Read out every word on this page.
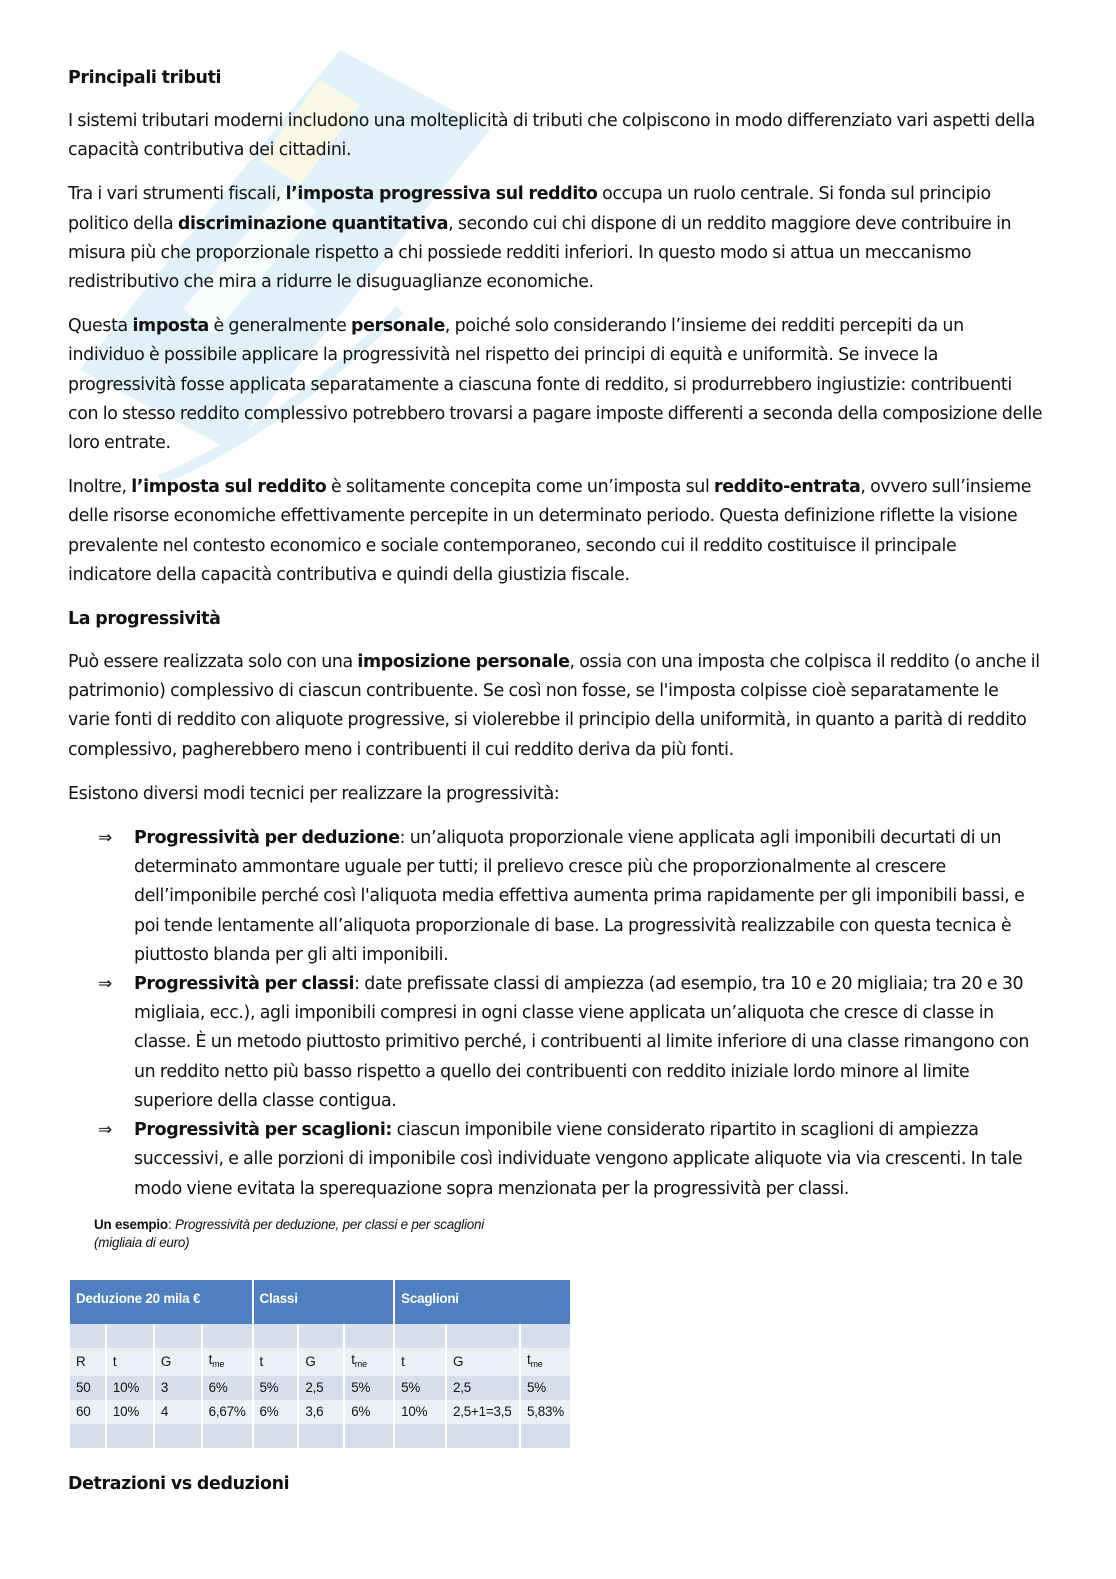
Principali tributi

I sistemi tributari moderni includono una molteplicità di tributi che colpiscono in modo differenziato vari aspetti della capacità contributiva dei cittadini.

Tra i vari strumenti fiscali, l’imposta progressiva sul reddito occupa un ruolo centrale. Si fonda sul principio politico della discriminazione quantitativa, secondo cui chi dispone di un reddito maggiore deve contribuire in misura più che proporzionale rispetto a chi possiede redditi inferiori. In questo modo si attua un meccanismo redistributivo che mira a ridurre le disuguaglianze economiche.

Questa imposta è generalmente personale, poiché solo considerando l’insieme dei redditi percepiti da un individuo è possibile applicare la progressività nel rispetto dei principi di equità e uniformità. Se invece la progressività fosse applicata separatamente a ciascuna fonte di reddito, si produrrebbero ingiustizie: contribuenti con lo stesso reddito complessivo potrebbero trovarsi a pagare imposte differenti a seconda della composizione delle loro entrate.

Inoltre, l’imposta sul reddito è solitamente concepita come un’imposta sul reddito-entrata, ovvero sull’insieme delle risorse economiche effettivamente percepite in un determinato periodo. Questa definizione riflette la visione prevalente nel contesto economico e sociale contemporaneo, secondo cui il reddito costituisce il principale indicatore della capacità contributiva e quindi della giustizia fiscale.

La progressività

Può essere realizzata solo con una imposizione personale, ossia con una imposta che colpisca il reddito (o anche il patrimonio) complessivo di ciascun contribuente. Se così non fosse, se l'imposta colpisse cioè separatamente le varie fonti di reddito con aliquote progressive, si violerebbe il principio della uniformità, in quanto a parità di reddito complessivo, pagherebbero meno i contribuenti il cui reddito deriva da più fonti.

Esistono diversi modi tecnici per realizzare la progressività:

⇒ Progressività per deduzione: un’aliquota proporzionale viene applicata agli imponibili decurtati di un determinato ammontare uguale per tutti; il prelievo cresce più che proporzionalmente al crescere dell’imponibile perché così l'aliquota media effettiva aumenta prima rapidamente per gli imponibili bassi, e poi tende lentamente all’aliquota proporzionale di base. La progressività realizzabile con questa tecnica è piuttosto blanda per gli alti imponibili.
⇒ Progressività per classi: date prefissate classi di ampiezza (ad esempio, tra 10 e 20 migliaia; tra 20 e 30 migliaia, ecc.), agli imponibili compresi in ogni classe viene applicata un’aliquota che cresce di classe in classe. È un metodo piuttosto primitivo perché, i contribuenti al limite inferiore di una classe rimangono con un reddito netto più basso rispetto a quello dei contribuenti con reddito iniziale lordo minore al limite superiore della classe contigua.
⇒ Progressività per scaglioni: ciascun imponibile viene considerato ripartito in scaglioni di ampiezza successivi, e alle porzioni di imponibile così individuate vengono applicate aliquote via via crescenti. In tale modo viene evitata la sperequazione sopra menzionata per la progressività per classi.
Un esempio: Progressività per deduzione, per classi e per scaglioni
(migliaia di euro)
Deduzione 20 mila €				Classi			Scaglioni		

R	t	G	$t_{me}$	t	G	$t_{me}$	t	G	$t_{me}$
50	10%	3	6%	5%	2,5	5%	5%	2,5	5%
60	10%	4	6,67%	6%	3,6	6%	10%	2,5+1=3,5	5,83%

Detrazioni vs deduzioni
